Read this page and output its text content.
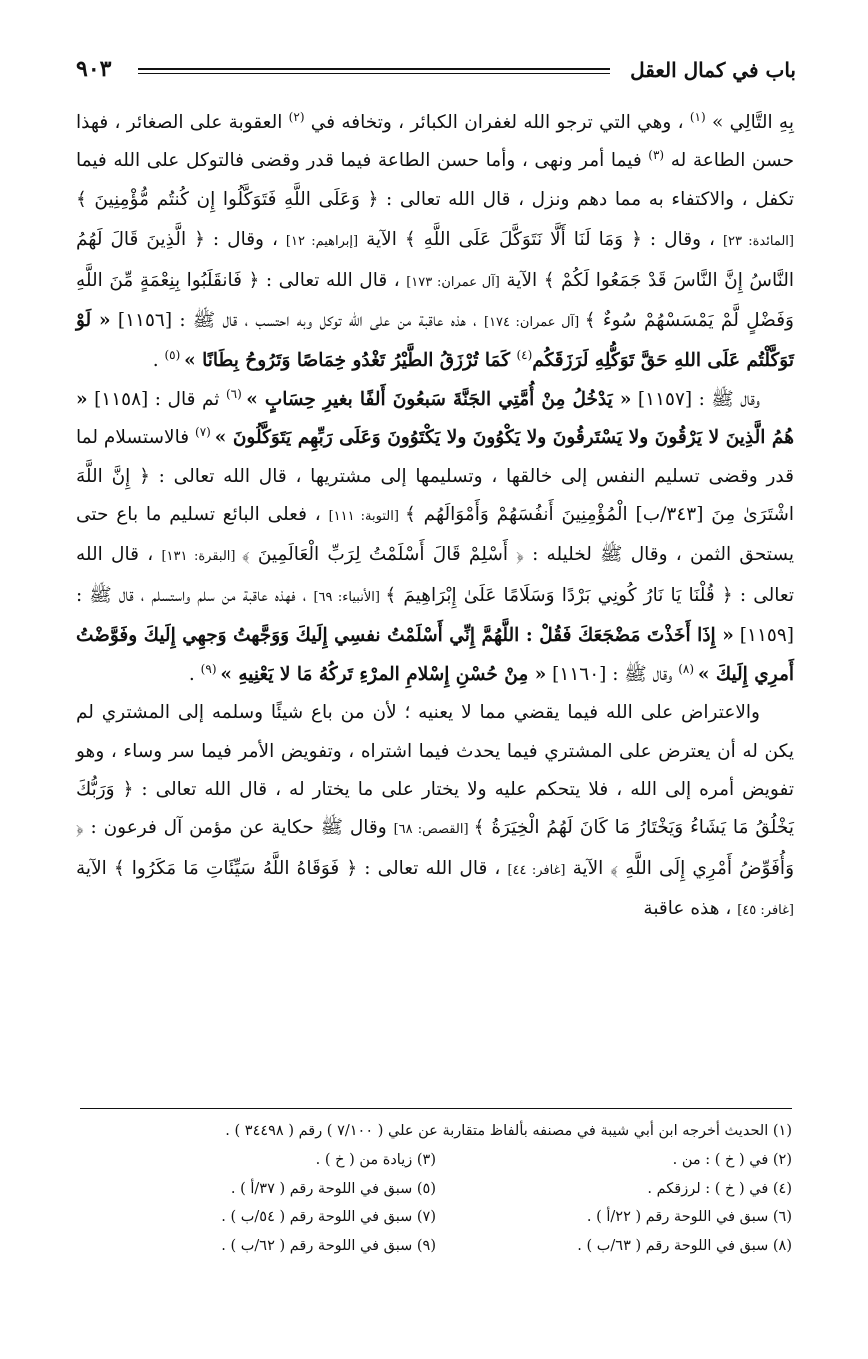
باب في كمال العقل
٩٠٣

بِهِ التَّالِي » $^{(١)}$ ، وهي التي ترجو الله لغفران الكبائر ، وتخافه في $^{(٢)}$ العقوبة على الصغائر ، فهذا حسن الطاعة له $^{(٣)}$ فيما أمر ونهى ، وأما حسن الطاعة فيما قدر وقضى فالتوكل على الله فيما تكفل ، والاكتفاء به مما دهم ونزل ، قال الله تعالى : ﴿ وَعَلَى اللَّهِ فَتَوَكَّلُوا إِن كُنتُم مُّؤْمِنِينَ ﴾ [المائدة: ٢٣] ، وقال : ﴿ وَمَا لَنَا أَلَّا نَتَوَكَّلَ عَلَى اللَّهِ ﴾ الآية [إبراهيم: ١٢] ، وقال : ﴿ الَّذِينَ قَالَ لَهُمُ النَّاسُ إِنَّ النَّاسَ قَدْ جَمَعُوا لَكُمْ ﴾ الآية [آل عمران: ١٧٣] ، قال الله تعالى : ﴿ فَانقَلَبُوا بِنِعْمَةٍ مِّنَ اللَّهِ وَفَضْلٍ لَّمْ يَمْسَسْهُمْ سُوءٌ ﴾ [آل عمران: ١٧٤] ، هذه عاقبة من على الله توكل وبه احتسب ، قال ﷺ : [١١٥٦] « لَوْ تَوَكَّلْتُم عَلَى اللهِ حَقَّ تَوَكُّلِهِ لَرَزَقَكُم$^{(٤)}$ كَمَا تُرْزَقُ الطَّيْرُ تَغْدُو خِمَاصًا وَتَرُوحُ بِطَانًا » $^{(٥)}$ .

وقال ﷺ : [١١٥٧] « يَدْخُلُ مِنْ أُمَّتِي الجَنَّةَ سَبعُونَ أَلفًا بغيرِ حِسَابٍ » $^{(٦)}$ ثم قال : [١١٥٨] « هُمُ الَّذِينَ لا يَرْقُونَ ولا يَسْتَرقُونَ ولا يَكْوُونَ ولا يَكْتَوُونَ وَعَلَى رَبِّهِم يَتَوَكَّلُونَ » $^{(٧)}$ فالاستسلام لما قدر وقضى تسليم النفس إلى خالقها ، وتسليمها إلى مشتريها ، قال الله تعالى : ﴿ إِنَّ اللَّهَ اشْتَرَىٰ مِنَ [٣٤٣/ب] الْمُؤْمِنِينَ أَنفُسَهُمْ وَأَمْوَالَهُم ﴾ [التوبة: ١١١] ، فعلى البائع تسليم ما باع حتى يستحق الثمن ، وقال ﷺ لخليله : ﴿ أَسْلِمْ قَالَ أَسْلَمْتُ لِرَبِّ الْعَالَمِينَ ﴾ [البقرة: ١٣١] ، قال الله تعالى : ﴿ قُلْنَا يَا نَارُ كُونِي بَرْدًا وَسَلَامًا عَلَىٰ إِبْرَاهِيمَ ﴾ [الأنبياء: ٦٩] ، فهذه عاقبة من سلم واستسلم ، قال ﷺ : [١١٥٩] « إِذَا أَخَذْتَ مَضْجَعَكَ فَقُلْ : اللَّهُمَّ إِنِّي أَسْلَمْتُ نفسِي إِلَيكَ وَوَجَّهتُ وَجهِي إِلَيكَ وفَوَّضْتُ أَمرِي إِلَيكَ » $^{(٨)}$ وقال ﷺ : [١١٦٠] « مِنْ حُسْنِ إِسْلامِ المرْءِ تَركُهُ مَا لا يَعْنِيهِ » $^{(٩)}$ .

والاعتراض على الله فيما يقضي مما لا يعنيه ؛ لأن من باع شيئًا وسلمه إلى المشتري لم يكن له أن يعترض على المشتري فيما يحدث فيما اشتراه ، وتفويض الأمر فيما سر وساء ، وهو تفويض أمره إلى الله ، فلا يتحكم عليه ولا يختار على ما يختار له ، قال الله تعالى : ﴿ وَرَبُّكَ يَخْلُقُ مَا يَشَاءُ وَيَخْتَارُ مَا كَانَ لَهُمُ الْخِيَرَةُ ﴾ [القصص: ٦٨] وقال ﷺ حكاية عن مؤمن آل فرعون : ﴿ وَأُفَوِّضُ أَمْرِي إِلَى اللَّهِ ﴾ الآية [غافر: ٤٤] ، قال الله تعالى : ﴿ فَوَقَاهُ اللَّهُ سَيِّئَاتِ مَا مَكَرُوا ﴾ الآية [غافر: ٤٥] ، هذه عاقبة

(١) الحديث أخرجه ابن أبي شيبة في مصنفه بألفاظ متقاربة عن علي ( ٧/١٠٠ ) رقم ( ٣٤٤٩٨ ) .
(٢) في ( خ ) : من .
(٣) زيادة من ( خ ) .
(٤) في ( خ ) : لرزقكم .
(٥) سبق في اللوحة رقم ( ٣٧/أ ) .
(٦) سبق في اللوحة رقم ( ٢٢/أ ) .
(٧) سبق في اللوحة رقم ( ٥٤/ب ) .
(٨) سبق في اللوحة رقم ( ٦٣/ب ) .
(٩) سبق في اللوحة رقم ( ٦٢/ب ) .
